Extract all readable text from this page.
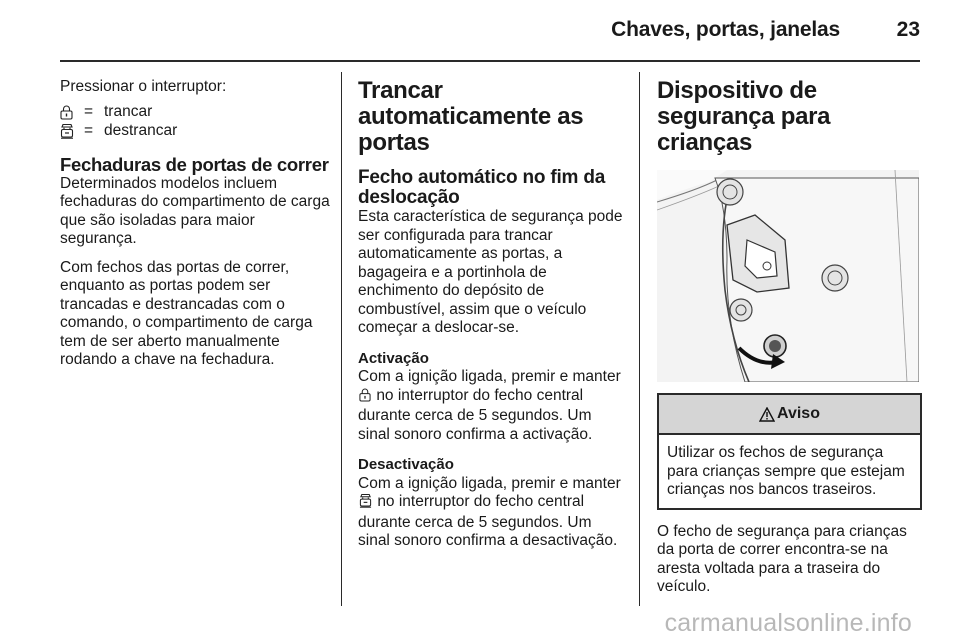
Chaves, portas, janelas	23

Pressionar o interruptor:

= trancar
= destrancar
Fechaduras de portas de correr

Determinados modelos incluem fechaduras do compartimento de carga que são isoladas para maior segurança.

Com fechos das portas de correr, enquanto as portas podem ser trancadas e destrancadas com o comando, o compartimento de carga tem de ser aberto manualmente rodando a chave na fechadura.

Trancar automaticamente as portas
Fecho automático no fim da deslocação

Esta característica de segurança pode ser configurada para trancar automaticamente as portas, a bagageira e a portinhola de enchimento do depósito de combustível, assim que o veículo começar a deslocar-se.

Activação

Com a ignição ligada, premir e manter  no interruptor do fecho central durante cerca de 5 segundos. Um sinal sonoro confirma a activação.

Desactivação

Com a ignição ligada, premir e manter  no interruptor do fecho central durante cerca de 5 segundos. Um sinal sonoro confirma a desactivação.

Dispositivo de segurança para crianças
Aviso

Utilizar os fechos de segurança para crianças sempre que estejam crianças nos bancos traseiros.

O fecho de segurança para crianças da porta de correr encontra-se na aresta voltada para a traseira do veículo.

carmanualsonline.info
